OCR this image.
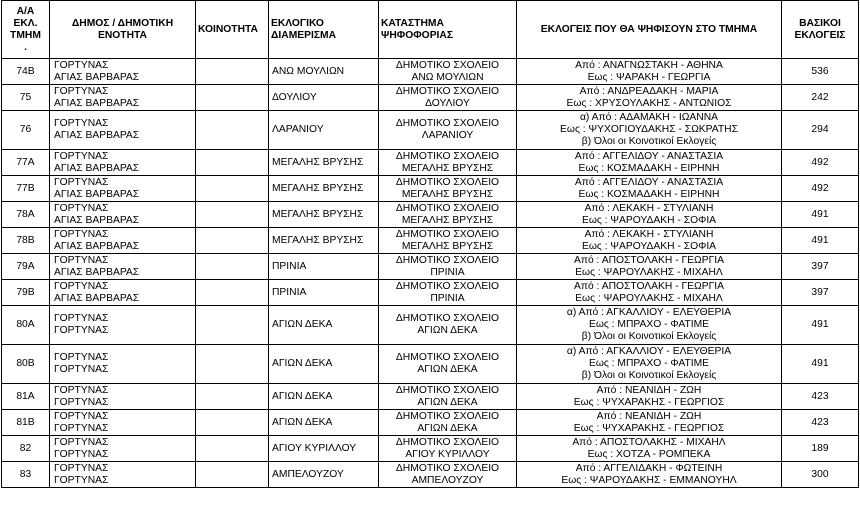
Α/Α
ΕΚΛ.
ΤΜΗΜ
.	ΔΗΜΟΣ / ΔΗΜΟΤΙΚΗ
ΕΝΟΤΗΤΑ	ΚΟΙΝΟΤΗΤΑ	ΕΚΛΟΓΙΚΟ
ΔΙΑΜΕΡΙΣΜΑ	ΚΑΤΑΣΤΗΜΑ
ΨΗΦΟΦΟΡΙΑΣ	ΕΚΛΟΓΕΙΣ ΠΟΥ ΘΑ ΨΗΦΙΣΟΥΝ ΣΤΟ ΤΜΗΜΑ	ΒΑΣΙΚΟΙ
ΕΚΛΟΓΕΙΣ

74Β	ΓΟΡΤΥΝΑΣ
ΑΓΙΑΣ ΒΑΡΒΑΡΑΣ		ΑΝΩ ΜΟΥΛΙΩΝ	ΔΗΜΟΤΙΚΟ ΣΧΟΛΕΙΟ
ΑΝΩ ΜΟΥΛΙΩΝ	Από : ΑΝΑΓΝΩΣΤΑΚΗ - ΑΘΗΝΑ
Εως : ΨΑΡΑΚΗ - ΓΕΩΡΓΙΑ	536
75	ΓΟΡΤΥΝΑΣ
ΑΓΙΑΣ ΒΑΡΒΑΡΑΣ		ΔΟΥΛΙΟΥ	ΔΗΜΟΤΙΚΟ ΣΧΟΛΕΙΟ
ΔΟΥΛΙΟΥ	Από : ΑΝΔΡΕΑΔΑΚΗ - ΜΑΡΙΑ
Εως : ΧΡΥΣΟΥΛΑΚΗΣ - ΑΝΤΩΝΙΟΣ	242
76	ΓΟΡΤΥΝΑΣ
ΑΓΙΑΣ ΒΑΡΒΑΡΑΣ		ΛΑΡΑΝΙΟΥ	ΔΗΜΟΤΙΚΟ ΣΧΟΛΕΙΟ
ΛΑΡΑΝΙΟΥ	α) Από : ΑΔΑΜΑΚΗ - ΙΩΑΝΝΑ
Εως : ΨΥΧΟΓΙΟΥΔΑΚΗΣ - ΣΩΚΡΑΤΗΣ
β) Όλοι οι Κοινοτικοί Εκλογείς	294
77Α	ΓΟΡΤΥΝΑΣ
ΑΓΙΑΣ ΒΑΡΒΑΡΑΣ		ΜΕΓΑΛΗΣ ΒΡΥΣΗΣ	ΔΗΜΟΤΙΚΟ ΣΧΟΛΕΙΟ
ΜΕΓΑΛΗΣ ΒΡΥΣΗΣ	Από : ΑΓΓΕΛΙΔΟΥ - ΑΝΑΣΤΑΣΙΑ
Εως : ΚΟΣΜΑΔΑΚΗ - ΕΙΡΗΝΗ	492
77Β	ΓΟΡΤΥΝΑΣ
ΑΓΙΑΣ ΒΑΡΒΑΡΑΣ		ΜΕΓΑΛΗΣ ΒΡΥΣΗΣ	ΔΗΜΟΤΙΚΟ ΣΧΟΛΕΙΟ
ΜΕΓΑΛΗΣ ΒΡΥΣΗΣ	Από : ΑΓΓΕΛΙΔΟΥ - ΑΝΑΣΤΑΣΙΑ
Εως : ΚΟΣΜΑΔΑΚΗ - ΕΙΡΗΝΗ	492
78Α	ΓΟΡΤΥΝΑΣ
ΑΓΙΑΣ ΒΑΡΒΑΡΑΣ		ΜΕΓΑΛΗΣ ΒΡΥΣΗΣ	ΔΗΜΟΤΙΚΟ ΣΧΟΛΕΙΟ
ΜΕΓΑΛΗΣ ΒΡΥΣΗΣ	Από : ΛΕΚΑΚΗ - ΣΤΥΛΙΑΝΗ
Εως : ΨΑΡΟΥΔΑΚΗ - ΣΟΦΙΑ	491
78Β	ΓΟΡΤΥΝΑΣ
ΑΓΙΑΣ ΒΑΡΒΑΡΑΣ		ΜΕΓΑΛΗΣ ΒΡΥΣΗΣ	ΔΗΜΟΤΙΚΟ ΣΧΟΛΕΙΟ
ΜΕΓΑΛΗΣ ΒΡΥΣΗΣ	Από : ΛΕΚΑΚΗ - ΣΤΥΛΙΑΝΗ
Εως : ΨΑΡΟΥΔΑΚΗ - ΣΟΦΙΑ	491
79Α	ΓΟΡΤΥΝΑΣ
ΑΓΙΑΣ ΒΑΡΒΑΡΑΣ		ΠΡΙΝΙΑ	ΔΗΜΟΤΙΚΟ ΣΧΟΛΕΙΟ
ΠΡΙΝΙΑ	Από : ΑΠΟΣΤΟΛΑΚΗ - ΓΕΩΡΓΙΑ
Εως : ΨΑΡΟΥΛΑΚΗΣ - ΜΙΧΑΗΛ	397
79Β	ΓΟΡΤΥΝΑΣ
ΑΓΙΑΣ ΒΑΡΒΑΡΑΣ		ΠΡΙΝΙΑ	ΔΗΜΟΤΙΚΟ ΣΧΟΛΕΙΟ
ΠΡΙΝΙΑ	Από : ΑΠΟΣΤΟΛΑΚΗ - ΓΕΩΡΓΙΑ
Εως : ΨΑΡΟΥΛΑΚΗΣ - ΜΙΧΑΗΛ	397
80Α	ΓΟΡΤΥΝΑΣ
ΓΟΡΤΥΝΑΣ		ΑΓΙΩΝ ΔΕΚΑ	ΔΗΜΟΤΙΚΟ ΣΧΟΛΕΙΟ
ΑΓΙΩΝ ΔΕΚΑ	α) Από : ΑΓΚΑΛΛΙΟΥ - ΕΛΕΥΘΕΡΙΑ
Εως : ΜΠΡΑΧΟ - ΦΑΤΙΜΕ
β) Όλοι οι Κοινοτικοί Εκλογείς	491
80Β	ΓΟΡΤΥΝΑΣ
ΓΟΡΤΥΝΑΣ		ΑΓΙΩΝ ΔΕΚΑ	ΔΗΜΟΤΙΚΟ ΣΧΟΛΕΙΟ
ΑΓΙΩΝ ΔΕΚΑ	α) Από : ΑΓΚΑΛΛΙΟΥ - ΕΛΕΥΘΕΡΙΑ
Εως : ΜΠΡΑΧΟ - ΦΑΤΙΜΕ
β) Όλοι οι Κοινοτικοί Εκλογείς	491
81Α	ΓΟΡΤΥΝΑΣ
ΓΟΡΤΥΝΑΣ		ΑΓΙΩΝ ΔΕΚΑ	ΔΗΜΟΤΙΚΟ ΣΧΟΛΕΙΟ
ΑΓΙΩΝ ΔΕΚΑ	Από : ΝΕΑΝΙΔΗ - ΖΩΗ
Εως : ΨΥΧΑΡΑΚΗΣ - ΓΕΩΡΓΙΟΣ	423
81Β	ΓΟΡΤΥΝΑΣ
ΓΟΡΤΥΝΑΣ		ΑΓΙΩΝ ΔΕΚΑ	ΔΗΜΟΤΙΚΟ ΣΧΟΛΕΙΟ
ΑΓΙΩΝ ΔΕΚΑ	Από : ΝΕΑΝΙΔΗ - ΖΩΗ
Εως : ΨΥΧΑΡΑΚΗΣ - ΓΕΩΡΓΙΟΣ	423
82	ΓΟΡΤΥΝΑΣ
ΓΟΡΤΥΝΑΣ		ΑΓΙΟΥ ΚΥΡΙΛΛΟΥ	ΔΗΜΟΤΙΚΟ ΣΧΟΛΕΙΟ
ΑΓΙΟΥ ΚΥΡΙΛΛΟΥ	Από : ΑΠΟΣΤΟΛΑΚΗΣ - ΜΙΧΑΗΛ
Εως : ΧΟΤΖΑ - ΡΟΜΠΕΚΑ	189
83	ΓΟΡΤΥΝΑΣ
ΓΟΡΤΥΝΑΣ		ΑΜΠΕΛΟΥΖΟΥ	ΔΗΜΟΤΙΚΟ ΣΧΟΛΕΙΟ
ΑΜΠΕΛΟΥΖΟΥ	Από : ΑΓΓΕΛΙΔΑΚΗ - ΦΩΤΕΙΝΗ
Εως : ΨΑΡΟΥΔΑΚΗΣ - ΕΜΜΑΝΟΥΗΛ	300
